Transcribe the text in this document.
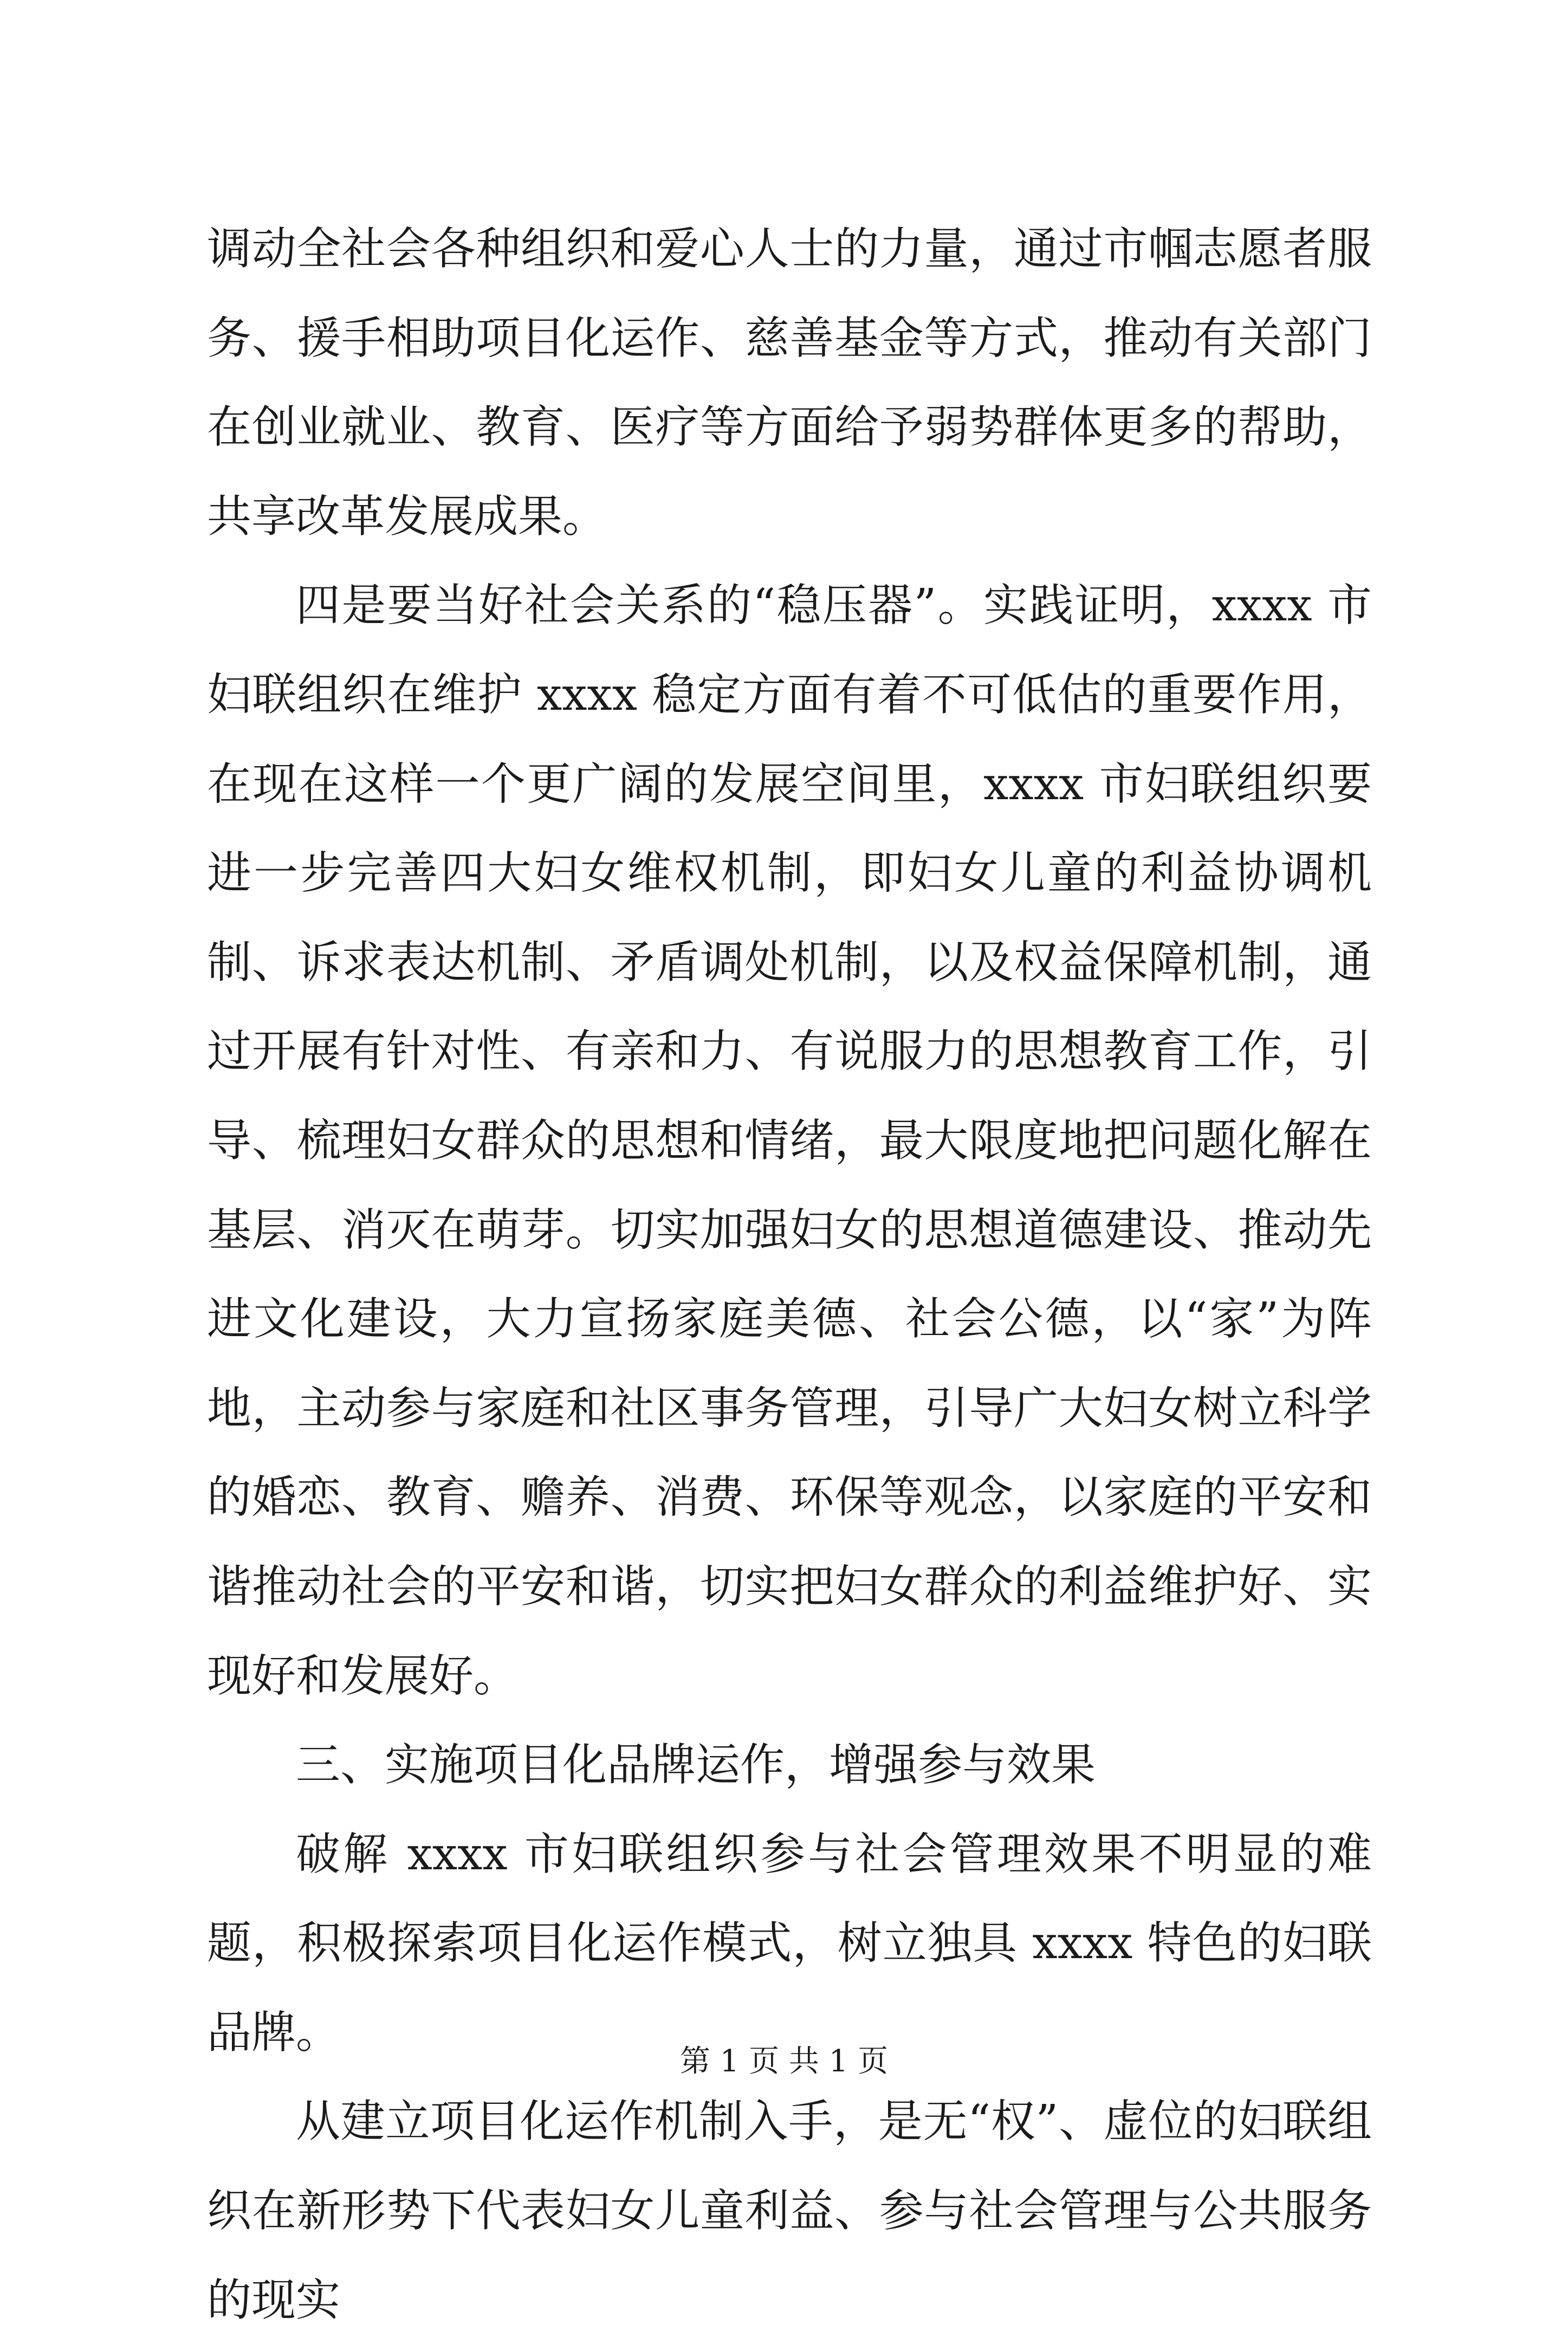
调动全社会各种组织和爱心人士的力量，通过市帼志愿者服务、援手相助项目化运作、慈善基金等方式，推动有关部门在创业就业、教育、医疗等方面给予弱势群体更多的帮助，共享改革发展成果。

四是要当好社会关系的“稳压器”。实践证明，xxxx 市妇联组织在维护 xxxx 稳定方面有着不可低估的重要作用，在现在这样一个更广阔的发展空间里，xxxx 市妇联组织要进一步完善四大妇女维权机制，即妇女儿童的利益协调机制、诉求表达机制、矛盾调处机制，以及权益保障机制，通过开展有针对性、有亲和力、有说服力的思想教育工作，引导、梳理妇女群众的思想和情绪，最大限度地把问题化解在基层、消灭在萌芽。切实加强妇女的思想道德建设、推动先进文化建设，大力宣扬家庭美德、社会公德，以“家”为阵地，主动参与家庭和社区事务管理，引导广大妇女树立科学的婚恋、教育、赡养、消费、环保等观念，以家庭的平安和谐推动社会的平安和谐，切实把妇女群众的利益维护好、实现好和发展好。

三、实施项目化品牌运作，增强参与效果

破解 xxxx 市妇联组织参与社会管理效果不明显的难题，积极探索项目化运作模式，树立独具 xxxx 特色的妇联品牌。

从建立项目化运作机制入手，是无“权”、虚位的妇联组织在新形势下代表妇女儿童利益、参与社会管理与公共服务的现实

第 1 页 共 1 页
